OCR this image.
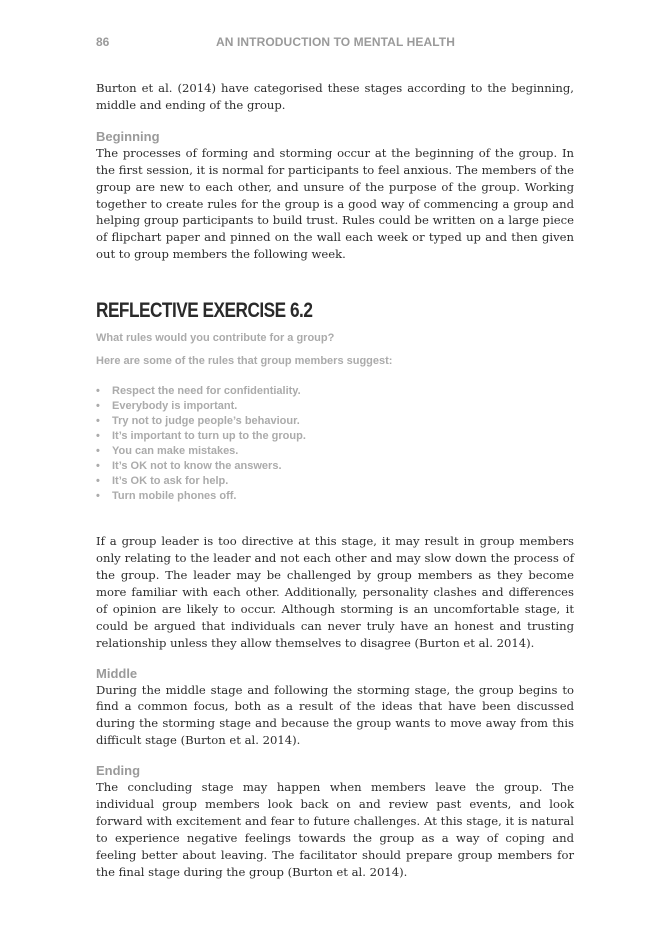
86	AN INTRODUCTION TO MENTAL HEALTH

Burton et al. (2014) have categorised these stages according to the beginning, middle and ending of the group.

Beginning

The processes of forming and storming occur at the beginning of the group. In the first session, it is normal for participants to feel anxious. The members of the group are new to each other, and unsure of the purpose of the group. Working together to create rules for the group is a good way of commencing a group and helping group participants to build trust. Rules could be written on a large piece of flipchart paper and pinned on the wall each week or typed up and then given out to group members the following week.

REFLECTIVE EXERCISE 6.2

What rules would you contribute for a group?

Here are some of the rules that group members suggest:

• Respect the need for confidentiality.
• Everybody is important.
• Try not to judge people’s behaviour.
• It’s important to turn up to the group.
• You can make mistakes.
• It’s OK not to know the answers.
• It’s OK to ask for help.
• Turn mobile phones off.

If a group leader is too directive at this stage, it may result in group members only relating to the leader and not each other and may slow down the process of the group. The leader may be challenged by group members as they become more familiar with each other. Additionally, personality clashes and differences of opinion are likely to occur. Although storming is an uncomfortable stage, it could be argued that individuals can never truly have an honest and trusting relationship unless they allow themselves to disagree (Burton et al. 2014).

Middle

During the middle stage and following the storming stage, the group begins to find a common focus, both as a result of the ideas that have been discussed during the storming stage and because the group wants to move away from this difficult stage (Burton et al. 2014).

Ending

The concluding stage may happen when members leave the group. The individual group members look back on and review past events, and look forward with excitement and fear to future challenges. At this stage, it is natural to experience negative feelings towards the group as a way of coping and feeling better about leaving. The facilitator should prepare group members for the final stage during the group (Burton et al. 2014).
